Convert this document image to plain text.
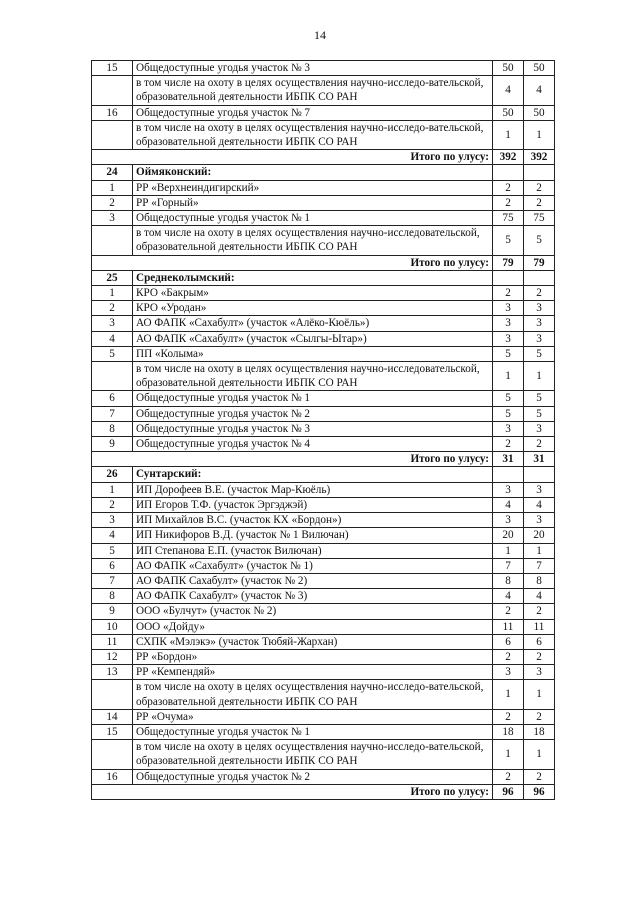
14
15	Общедоступные угодья участок № 3	50	50
	в том числе на охоту в целях осуществления научно-исследо-вательской, образовательной деятельности ИБПК СО РАН	4	4
16	Общедоступные угодья участок № 7	50	50
	в том числе на охоту в целях осуществления научно-исследо-вательской, образовательной деятельности ИБПК СО РАН	1	1
Итого по улусу:		392	392
24	Оймяконский:		
1	РР «Верхнеиндигирский»	2	2
2	РР «Горный»	2	2
3	Общедоступные угодья участок № 1	75	75
	в том числе на охоту в целях осуществления научно-исследовательской, образовательной деятельности ИБПК СО РАН	5	5
Итого по улусу:		79	79
25	Среднеколымский:		
1	КРО «Бакрым»	2	2
2	КРО «Уродан»	3	3
3	АО ФАПК «Сахабулт» (участок «Алёко-Кюёль»)	3	3
4	АО ФАПК «Сахабулт» (участок «Сылгы-Ытар»)	3	3
5	ПП «Колыма»	5	5
	в том числе на охоту в целях осуществления научно-исследовательской, образовательной деятельности ИБПК СО РАН	1	1
6	Общедоступные угодья участок № 1	5	5
7	Общедоступные угодья участок № 2	5	5
8	Общедоступные угодья участок № 3	3	3
9	Общедоступные угодья участок № 4	2	2
Итого по улусу:		31	31
26	Сунтарский:		
1	ИП Дорофеев В.Е. (участок Мар-Кюёль)	3	3
2	ИП Егоров Т.Ф. (участок Эргэджэй)	4	4
3	ИП Михайлов В.С. (участок КХ «Бордон»)	3	3
4	ИП Никифоров В.Д. (участок № 1 Вилючан)	20	20
5	ИП Степанова Е.П. (участок Вилючан)	1	1
6	АО ФАПК «Сахабулт» (участок № 1)	7	7
7	АО ФАПК Сахабулт» (участок № 2)	8	8
8	АО ФАПК Сахабулт» (участок № 3)	4	4
9	ООО «Булчут» (участок № 2)	2	2
10	ООО «Дойду»	11	11
11	СХПК «Мэлэкэ» (участок Тюбяй-Жархан)	6	6
12	РР «Бордон»	2	2
13	РР «Кемпендяй»	3	3
	в том числе на охоту в целях осуществления научно-исследо-вательской, образовательной деятельности ИБПК СО РАН	1	1
14	РР «Очума»	2	2
15	Общедоступные угодья участок № 1	18	18
	в том числе на охоту в целях осуществления научно-исследо-вательской, образовательной деятельности ИБПК СО РАН	1	1
16	Общедоступные угодья участок № 2	2	2
Итого по улусу:		96	96
